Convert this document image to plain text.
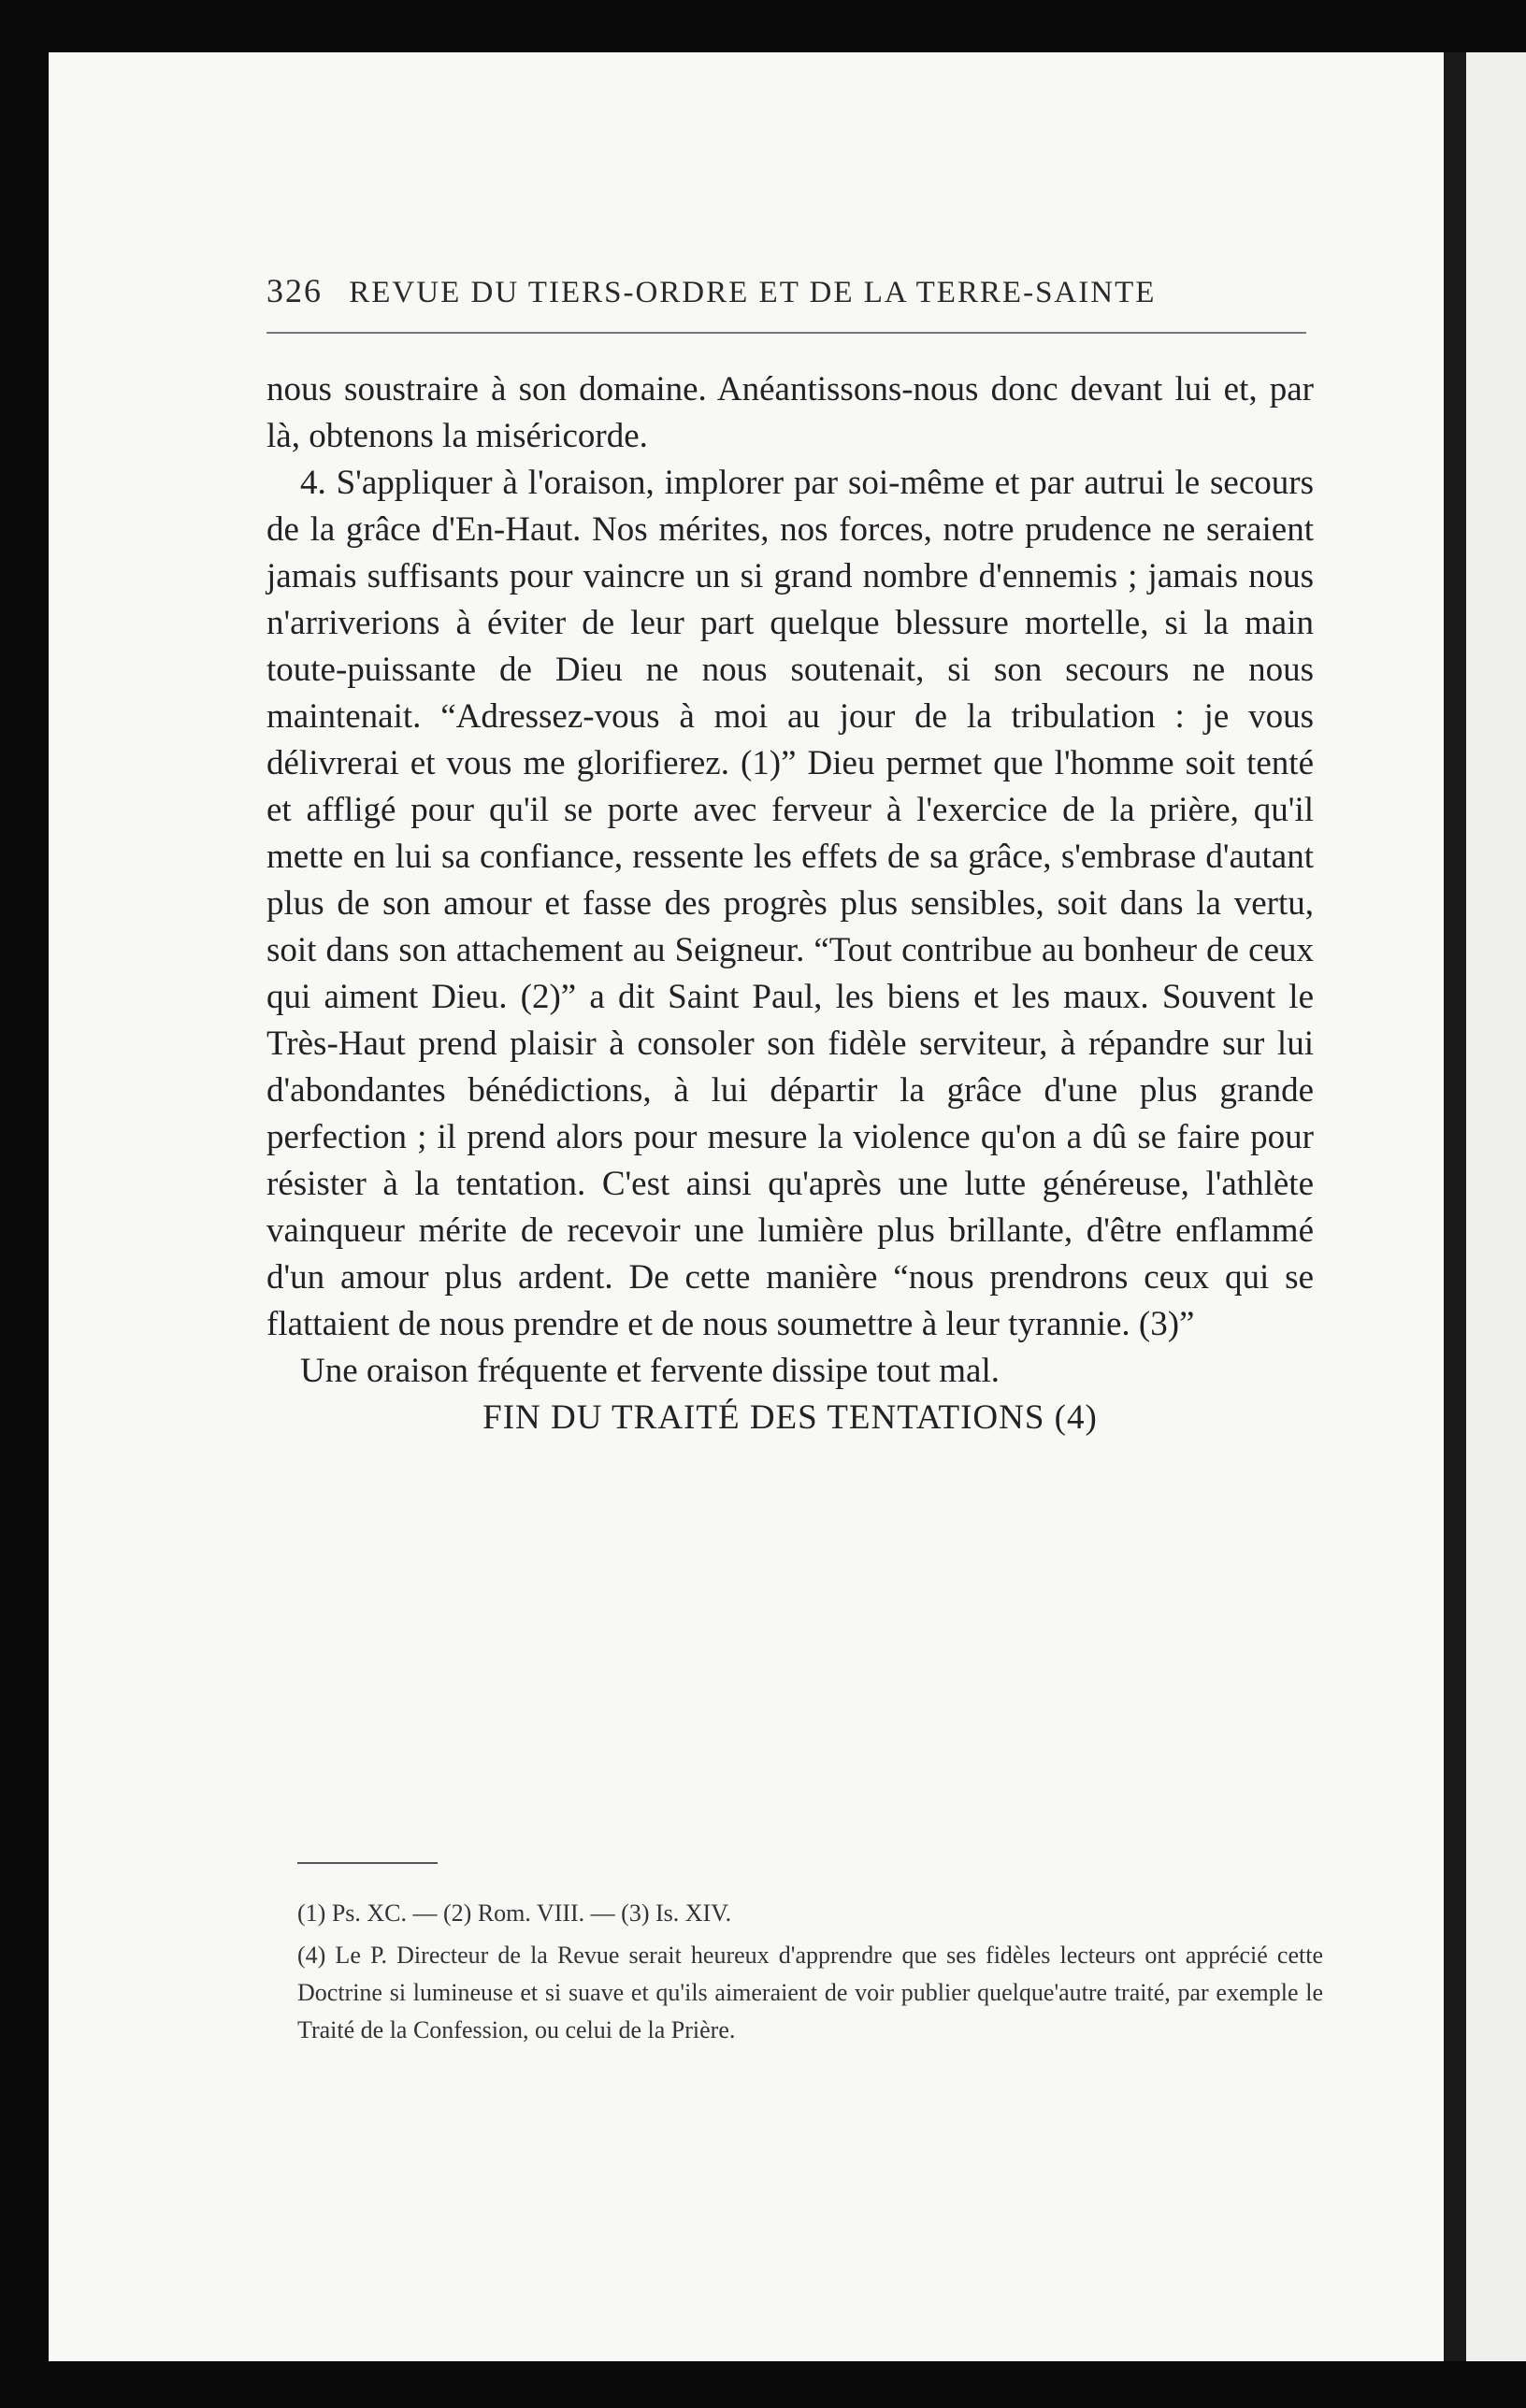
326 REVUE DU TIERS-ORDRE ET DE LA TERRE-SAINTE

nous soustraire à son domaine. Anéantissons-nous donc devant lui et, par là, obtenons la miséricorde.

4. S'appliquer à l'oraison, implorer par soi-même et par autrui le secours de la grâce d'En-Haut. Nos mérites, nos forces, notre prudence ne seraient jamais suffisants pour vaincre un si grand nombre d'ennemis ; jamais nous n'arriverions à éviter de leur part quelque blessure mortelle, si la main toute-puissante de Dieu ne nous soutenait, si son secours ne nous maintenait. “Adressez-vous à moi au jour de la tribulation : je vous délivrerai et vous me glorifierez. (1)” Dieu permet que l'homme soit tenté et affligé pour qu'il se porte avec ferveur à l'exercice de la prière, qu'il mette en lui sa confiance, ressente les effets de sa grâce, s'embrase d'autant plus de son amour et fasse des progrès plus sensibles, soit dans la vertu, soit dans son attachement au Seigneur. “Tout contribue au bonheur de ceux qui aiment Dieu. (2)” a dit Saint Paul, les biens et les maux. Souvent le Très-Haut prend plaisir à consoler son fidèle serviteur, à répandre sur lui d'abondantes bénédictions, à lui départir la grâce d'une plus grande perfection ; il prend alors pour mesure la violence qu'on a dû se faire pour résister à la tentation. C'est ainsi qu'après une lutte généreuse, l'athlète vainqueur mérite de recevoir une lumière plus brillante, d'être enflammé d'un amour plus ardent. De cette manière “nous prendrons ceux qui se flattaient de nous prendre et de nous soumettre à leur tyrannie. (3)”

Une oraison fréquente et fervente dissipe tout mal.

FIN DU TRAITÉ DES TENTATIONS (4)

(1) Ps. XC. — (2) Rom. VIII. — (3) Is. XIV.
(4) Le P. Directeur de la Revue serait heureux d'apprendre que ses fidèles lecteurs ont apprécié cette Doctrine si lumineuse et si suave et qu'ils aimeraient de voir publier quelque'autre traité, par exemple le Traité de la Confession, ou celui de la Prière.
